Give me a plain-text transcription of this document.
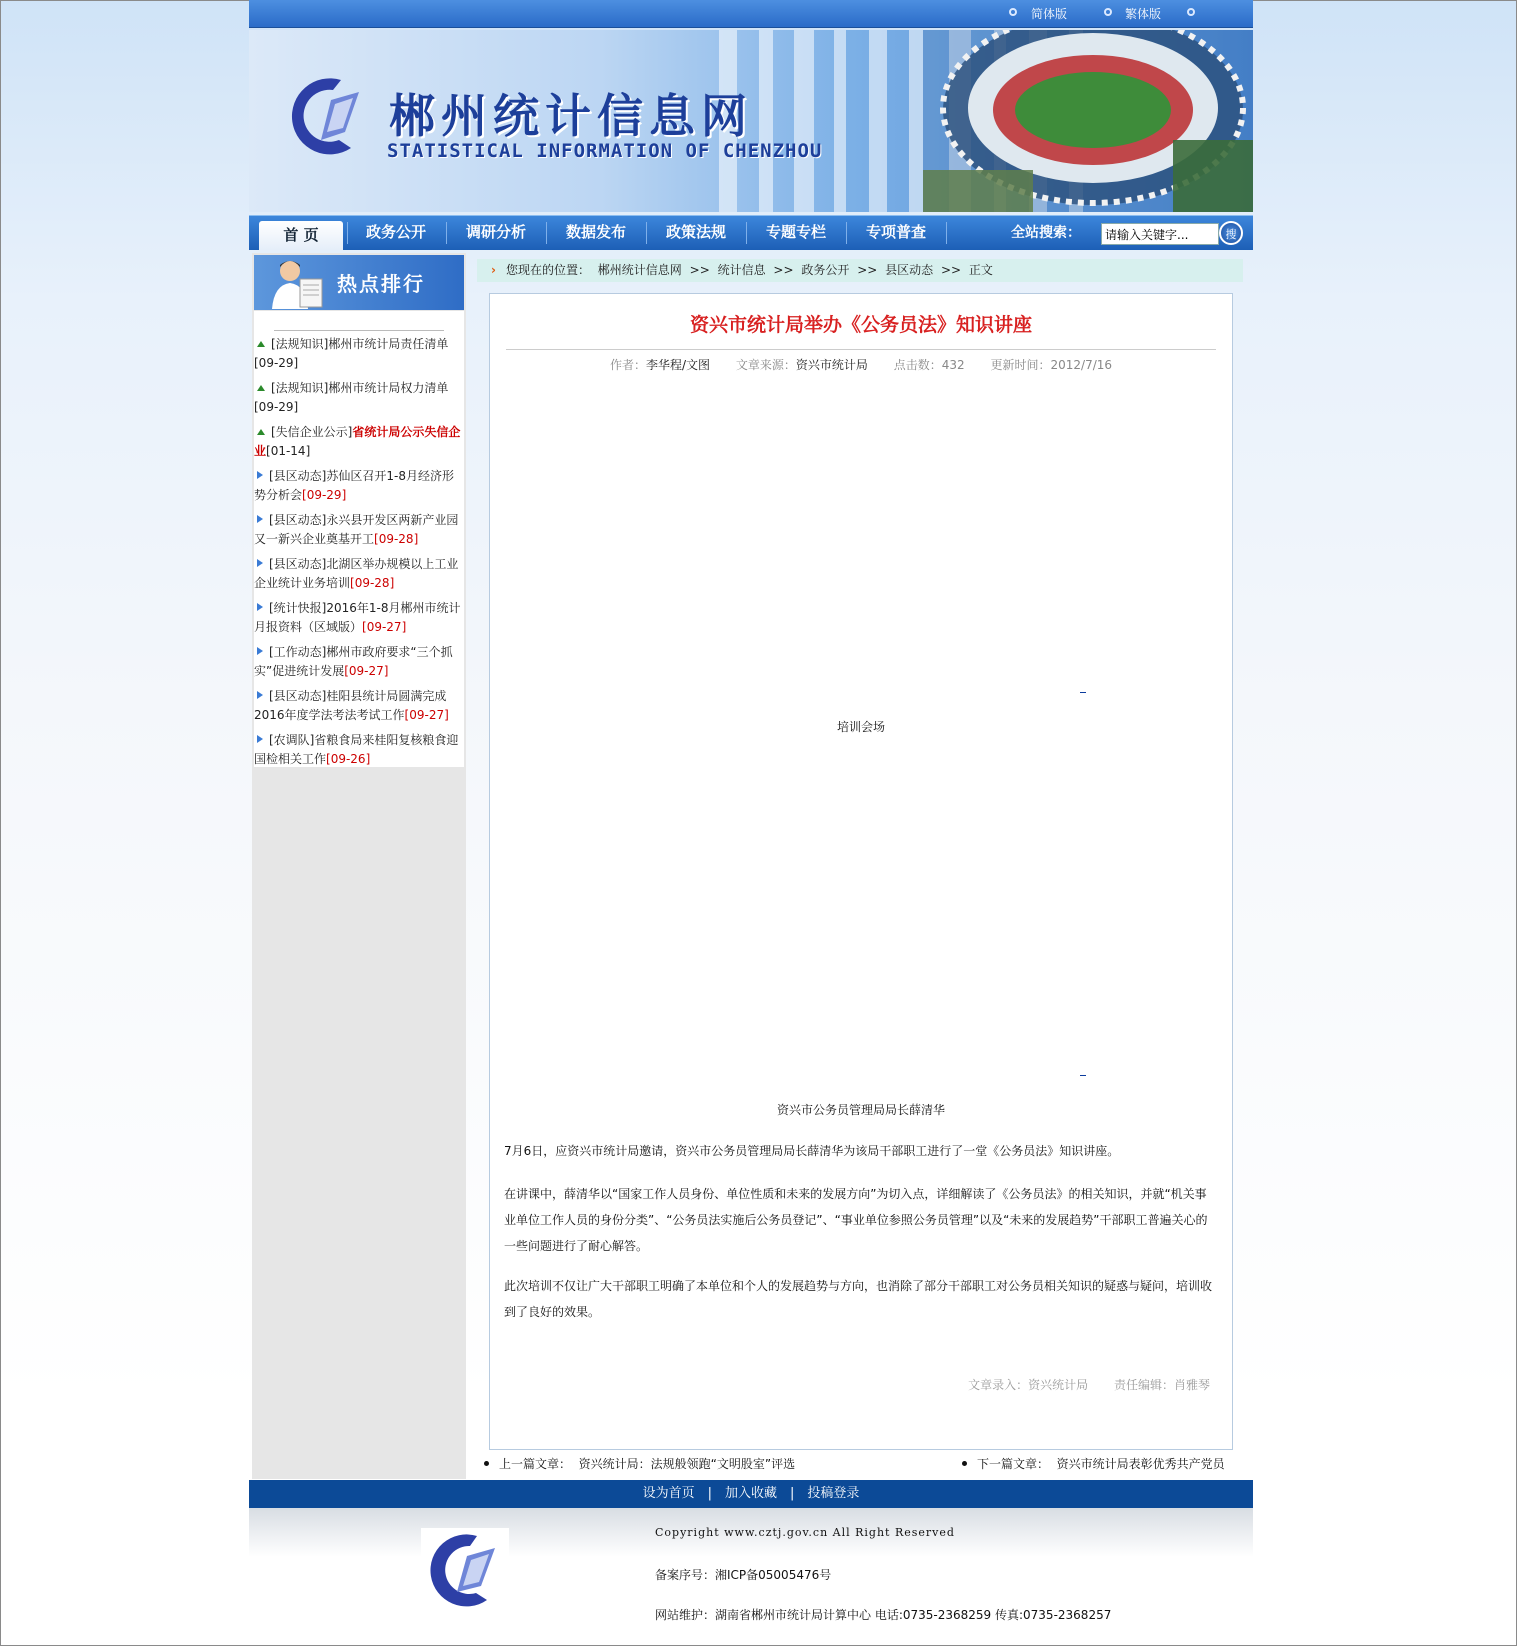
简体版	繁体版
郴州统计信息网
STATISTICAL INFORMATION OF CHENZHOU
首 页	政务公开	调研分析	数据发布	政策法规	专题专栏	专项普查	全站搜索：
请输入关键字...	搜
热点排行
[法规知识]郴州市统计局责任清单[09-29]
[法规知识]郴州市统计局权力清单[09-29]
[失信企业公示]省统计局公示失信企业[01-14]
[县区动态]苏仙区召开1-8月经济形势分析会[09-29]
[县区动态]永兴县开发区两新产业园又一新兴企业奠基开工[09-28]
[县区动态]北湖区举办规模以上工业企业统计业务培训[09-28]
[统计快报]2016年1-8月郴州市统计月报资料（区域版）[09-27]
[工作动态]郴州市政府要求“三个抓实”促进统计发展[09-27]
[县区动态]桂阳县统计局圆满完成2016年度学法考法考试工作[09-27]
[农调队]省粮食局来桂阳复核粮食迎国检相关工作[09-26]
› 您现在的位置： 郴州统计信息网 >> 统计信息 >> 政务公开 >> 县区动态 >> 正文
资兴市统计局举办《公务员法》知识讲座
作者：李华程/文图 文章来源：资兴市统计局 点击数：432 更新时间：2012/7/16
培训会场
资兴市公务员管理局局长薛清华
7月6日，应资兴市统计局邀请，资兴市公务员管理局局长薛清华为该局干部职工进行了一堂《公务员法》知识讲座。
在讲课中，薛清华以“国家工作人员身份、单位性质和未来的发展方向”为切入点，详细解读了《公务员法》的相关知识，并就“机关事业单位工作人员的身份分类”、“公务员法实施后公务员登记”、“事业单位参照公务员管理”以及“未来的发展趋势”干部职工普遍关心的一些问题进行了耐心解答。
此次培训不仅让广大干部职工明确了本单位和个人的发展趋势与方向，也消除了部分干部职工对公务员相关知识的疑惑与疑问，培训收到了良好的效果。
文章录入：资兴统计局 责任编辑：肖雅琴
上一篇文章： 资兴统计局：法规般领跑“文明股室”评选	下一篇文章： 资兴市统计局表彰优秀共产党员
设为首页 | 加入收藏 | 投稿登录
Copyright www.cztj.gov.cn All Right Reserved
备案序号：湘ICP备05005476号
网站维护：湖南省郴州市统计局计算中心 电话:0735-2368259 传真:0735-2368257
